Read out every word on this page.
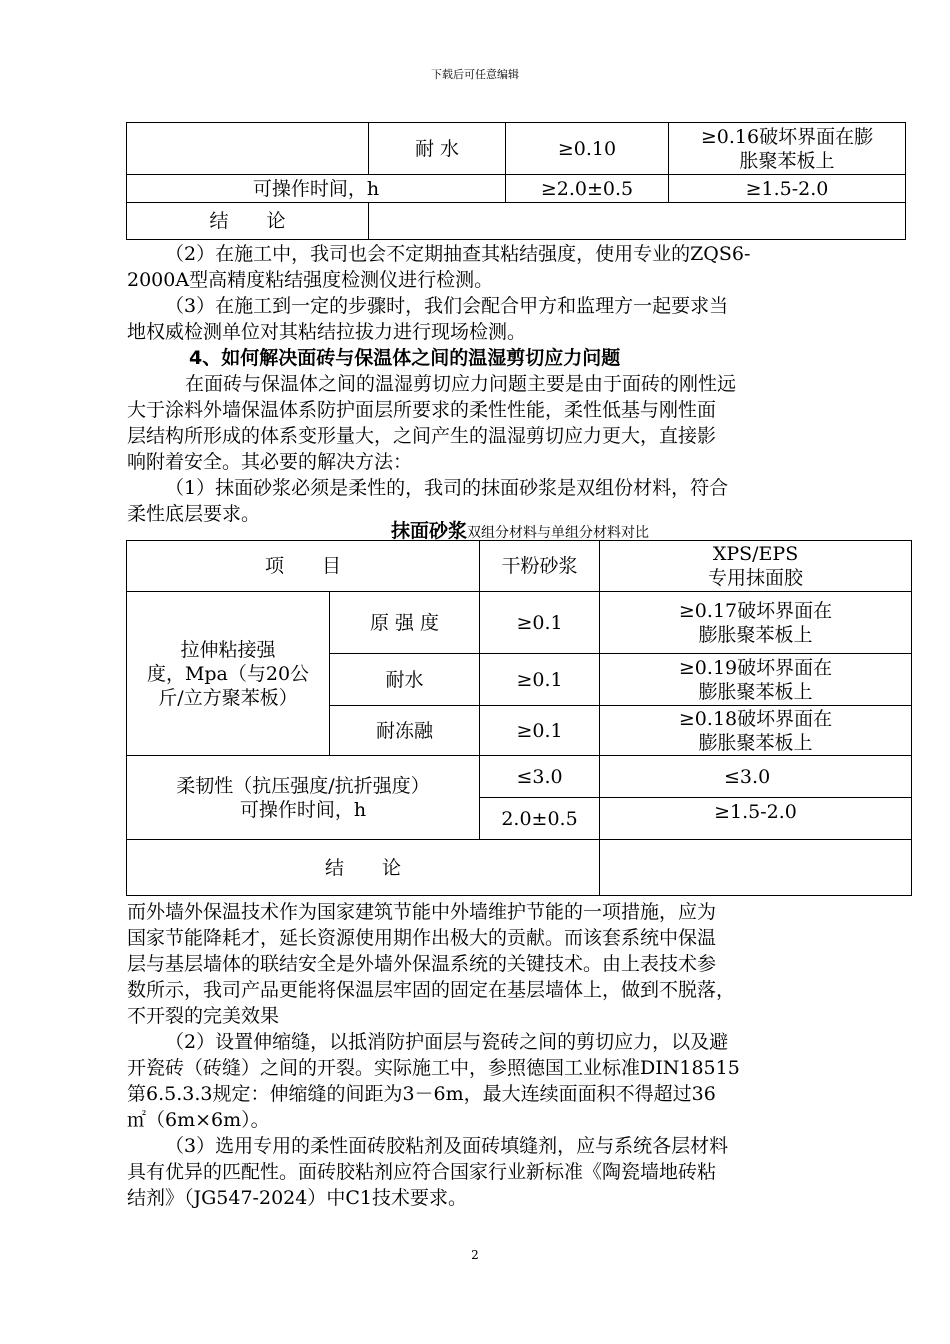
下载后可任意编辑
	耐 水	≥0.10	≥0.16破坏界面在膨
胀聚苯板上

可操作时间，h		≥2.0±0.5	≥1.5-2.0
结　　论			
（2）在施工中，我司也会不定期抽查其粘结强度，使用专业的ZQS6-
2000A型高精度粘结强度检测仪进行检测。
（3）在施工到一定的步骤时，我们会配合甲方和监理方一起要求当
地权威检测单位对其粘结拉拔力进行现场检测。
4、如何解决面砖与保温体之间的温湿剪切应力问题
在面砖与保温体之间的温湿剪切应力问题主要是由于面砖的刚性远
大于涂料外墙保温体系防护面层所要求的柔性性能，柔性低基与刚性面
层结构所形成的体系变形量大，之间产生的温湿剪切应力更大，直接影
响附着安全。其必要的解决方法：
（1）抹面砂浆必须是柔性的，我司的抹面砂浆是双组份材料，符合
柔性底层要求。
抹面砂浆双组分材料与单组分材料对比
项　　目		干粉砂浆	XPS/EPS
专用抹面胶

拉伸粘接强
度，Mpa（与20公
斤/立方聚苯板）	原 强 度	≥0.1	≥0.17破坏界面在
膨胀聚苯板上

	耐水	≥0.1	≥0.19破坏界面在
膨胀聚苯板上

	耐冻融	≥0.1	≥0.18破坏界面在
膨胀聚苯板上

柔韧性（抗压强度/抗折强度）
可操作时间，h		≤3.0	≤3.0
		2.0±0.5	≥1.5-2.0
结　　论			
而外墙外保温技术作为国家建筑节能中外墙维护节能的一项措施，应为
国家节能降耗才，延长资源使用期作出极大的贡献。而该套系统中保温
层与基层墙体的联结安全是外墙外保温系统的关键技术。由上表技术参
数所示，我司产品更能将保温层牢固的固定在基层墙体上，做到不脱落，
不开裂的完美效果
（2）设置伸缩缝，以抵消防护面层与瓷砖之间的剪切应力，以及避
开瓷砖（砖缝）之间的开裂。实际施工中，参照德国工业标准DIN18515
第6.5.3.3规定：伸缩缝的间距为3－6m，最大连续面面积不得超过36
㎡（6m×6m）。
（3）选用专用的柔性面砖胶粘剂及面砖填缝剂，应与系统各层材料
具有优异的匹配性。面砖胶粘剂应符合国家行业新标准《陶瓷墙地砖粘
结剂》（JG547-2024）中C1技术要求。
2
